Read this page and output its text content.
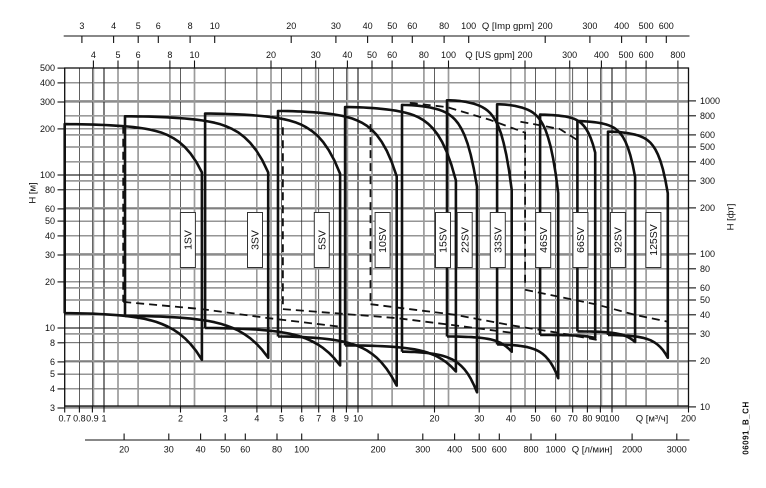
3	4 5 6	8 10	20	30 40 50 60 80 100	200	300 400 500 600
Q [Imp gpm]
4 5 6	8 10	20	30 40 50 60 80 100	200	300 400 500 600 800
Q [US gpm]
500
400
300
200
100
80
60
50
40
30
20
10
8
6
5
4
3
1000
800
600
500
400
300
200
100
80
60
50
40
30
20
10
0.7 0.8 0.9 1	2	3	4 5 6 7 8 9 10	20	30 40 50 60 70 80 90 100	200
Q [м³/ч]
20	30 40 50 60 80 100	200	300 400 500 600 800 1000	2000	3000
Q [л/мин]
1SV	3SV	5SV	10SV	15SV 22SV 33SV	46SV 66SV 92SV 125SV
H [м]
H [фт]
06091_B_CH
